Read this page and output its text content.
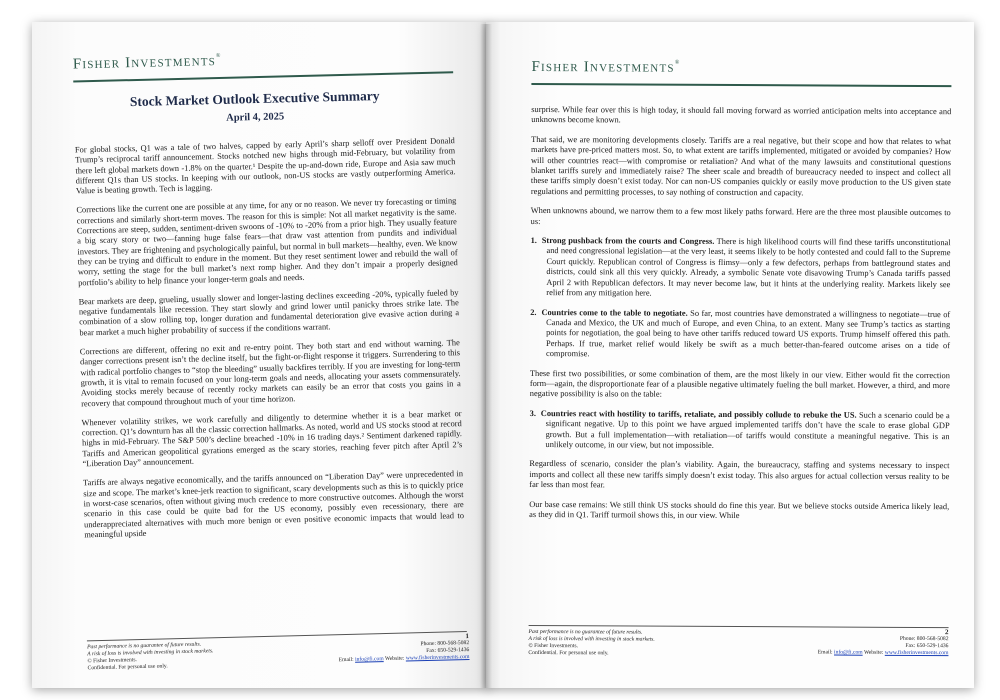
Fisher Investments®
Stock Market Outlook Executive Summary
April 4, 2025

For global stocks, Q1 was a tale of two halves, capped by early April’s sharp selloff over President Donald Trump’s reciprocal tariff announcement. Stocks notched new highs through mid-February, but volatility from there left global markets down -1.8% on the quarter.¹ Despite the up-and-down ride, Europe and Asia saw much different Q1s than US stocks. In keeping with our outlook, non-US stocks are vastly outperforming America. Value is beating growth. Tech is lagging.

Corrections like the current one are possible at any time, for any or no reason. We never try forecasting or timing corrections and similarly short-term moves. The reason for this is simple: Not all market negativity is the same. Corrections are steep, sudden, sentiment-driven swoons of -10% to -20% from a prior high. They usually feature a big scary story or two—fanning huge false fears—that draw vast attention from pundits and individual investors. They are frightening and psychologically painful, but normal in bull markets—healthy, even. We know they can be trying and difficult to endure in the moment. But they reset sentiment lower and rebuild the wall of worry, setting the stage for the bull market’s next romp higher. And they don’t impair a properly designed portfolio’s ability to help finance your longer-term goals and needs.

Bear markets are deep, grueling, usually slower and longer-lasting declines exceeding -20%, typically fueled by negative fundamentals like recession. They start slowly and grind lower until panicky throes strike late. The combination of a slow rolling top, longer duration and fundamental deterioration give evasive action during a bear market a much higher probability of success if the conditions warrant.

Corrections are different, offering no exit and re-entry point. They both start and end without warning. The danger corrections present isn’t the decline itself, but the fight-or-flight response it triggers. Surrendering to this with radical portfolio changes to “stop the bleeding” usually backfires terribly. If you are investing for long-term growth, it is vital to remain focused on your long-term goals and needs, allocating your assets commensurately. Avoiding stocks merely because of recently rocky markets can easily be an error that costs you gains in a recovery that compound throughout much of your time horizon.

Whenever volatility strikes, we work carefully and diligently to determine whether it is a bear market or correction. Q1’s downturn has all the classic correction hallmarks. As noted, world and US stocks stood at record highs in mid-February. The S&P 500’s decline breached -10% in 16 trading days.² Sentiment darkened rapidly. Tariffs and American geopolitical gyrations emerged as the scary stories, reaching fever pitch after April 2’s “Liberation Day” announcement.

Tariffs are always negative economically, and the tariffs announced on “Liberation Day” were unprecedented in size and scope. The market’s knee-jerk reaction to significant, scary developments such as this is to quickly price in worst-case scenarios, often without giving much credence to more constructive outcomes. Although the worst scenario in this case could be quite bad for the US economy, possibly even recessionary, there are underappreciated alternatives with much more benign or even positive economic impacts that would lead to meaningful upside

Past performance is no guarantee of future results.
A risk of loss is involved with investing in stock markets.
© Fisher Investments.
Confidential. For personal use only.
1
Phone: 800-568-5082
Fax: 650-529-1436
Email: info@fi.com Website: www.fisherinvestments.com
Fisher Investments®

surprise. While fear over this is high today, it should fall moving forward as worried anticipation melts into acceptance and unknowns become known.

That said, we are monitoring developments closely. Tariffs are a real negative, but their scope and how that relates to what markets have pre-priced matters most. So, to what extent are tariffs implemented, mitigated or avoided by companies? How will other countries react—with compromise or retaliation? And what of the many lawsuits and constitutional questions blanket tariffs surely and immediately raise? The sheer scale and breadth of bureaucracy needed to inspect and collect all these tariffs simply doesn’t exist today. Nor can non-US companies quickly or easily move production to the US given state regulations and permitting processes, to say nothing of construction and capacity.

When unknowns abound, we narrow them to a few most likely paths forward. Here are the three most plausible outcomes to us:

1. Strong pushback from the courts and Congress. There is high likelihood courts will find these tariffs unconstitutional and need congressional legislation—at the very least, it seems likely to be hotly contested and could fall to the Supreme Court quickly. Republican control of Congress is flimsy—only a few defectors, perhaps from battleground states and districts, could sink all this very quickly. Already, a symbolic Senate vote disavowing Trump’s Canada tariffs passed April 2 with Republican defectors. It may never become law, but it hints at the underlying reality. Markets likely see relief from any mitigation here.
2. Countries come to the table to negotiate. So far, most countries have demonstrated a willingness to negotiate—true of Canada and Mexico, the UK and much of Europe, and even China, to an extent. Many see Trump’s tactics as starting points for negotiation, the goal being to have other tariffs reduced toward US exports. Trump himself offered this path. Perhaps. If true, market relief would likely be swift as a much better-than-feared outcome arises on a tide of compromise.

These first two possibilities, or some combination of them, are the most likely in our view. Either would fit the correction form—again, the disproportionate fear of a plausible negative ultimately fueling the bull market. However, a third, and more negative possibility is also on the table:

3. Countries react with hostility to tariffs, retaliate, and possibly collude to rebuke the US. Such a scenario could be a significant negative. Up to this point we have argued implemented tariffs don’t have the scale to erase global GDP growth. But a full implementation—with retaliation—of tariffs would constitute a meaningful negative. This is an unlikely outcome, in our view, but not impossible.

Regardless of scenario, consider the plan’s viability. Again, the bureaucracy, staffing and systems necessary to inspect imports and collect all these new tariffs simply doesn’t exist today. This also argues for actual collection versus reality to be far less than most fear.

Our base case remains: We still think US stocks should do fine this year. But we believe stocks outside America likely lead, as they did in Q1. Tariff turmoil shows this, in our view. While

Past performance is no guarantee of future results.
A risk of loss is involved with investing in stock markets.
© Fisher Investments.
Confidential. For personal use only.
2
Phone: 800-568-5082
Fax: 650-529-1436
Email: info@fi.com Website: www.fisherinvestments.com
